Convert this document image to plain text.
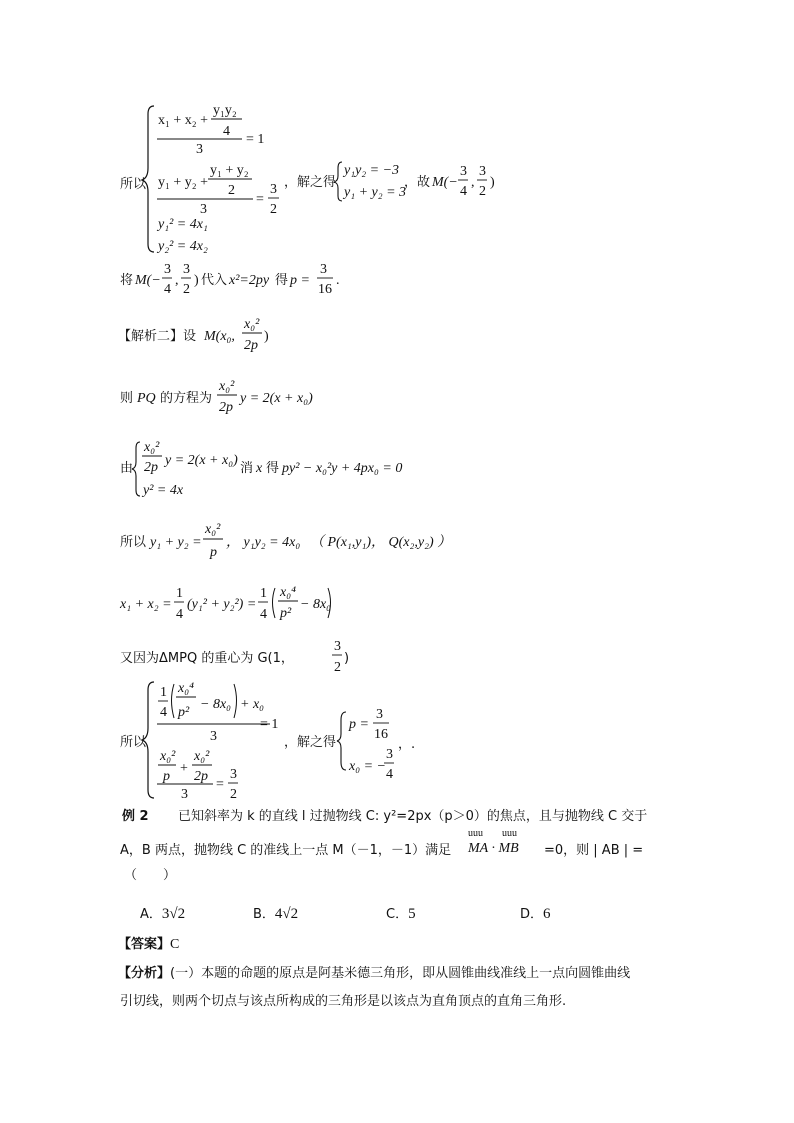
所以
x₁ + x₂ +
y₁y₂
4
3
= 1
y₁ + y₂ +
y₁ + y₂
2
3
=
3
2
y₁² = 4x₁
y₂² = 4x₂
，解之得
y₁y₂ = −3
y₁ + y₂ = 3
，故 M(−
3
4
,
3
2
)
将 M(−
3
4
,
3
2
) 代入 x²=2py 得 p =
3
16
.
【解析二】设 M(x₀,
x₀²
2p
)
则 PQ 的方程为
x₀²
2p
y = 2(x + x₀)
由
x₀²
2p y = 2(x + x₀)
y² = 4x
消 x 得 py² − x₀²y + 4px₀ = 0
所以 y₁ + y₂ =
x₀²
p
， y₁y₂ = 4x₀ （ P(x₁,y₁)， Q(x₂,y₂) ）
x₁ + x₂ =
1
4
(y₁² + y₂²) =
1
4
x₀⁴
p²
− 8x₀
又因为ΔMPQ 的重心为 G(1，
3
2
)
所以
1
4
x₀⁴
p²
− 8x₀ + x₀
3
= 1
x₀²
p
+
x₀²
2p
3
=
3
2
，解之得
p =
3
16
x₀ = −
3
4
，.
例 2 已知斜率为 k 的直线 l 过抛物线 C: y²=2px（p＞0）的焦点，且与抛物线 C 交于
A，B 两点，抛物线 C 的准线上一点 M（－1，－1）满足
uuu uuu
MA · MB =0，则 | AB | =
（　　）
A．3√2	B．4√2	C．5	D．6
【答案】C
【分析】(一）本题的命题的原点是阿基米德三角形，即从圆锥曲线准线上一点向圆锥曲线
引切线，则两个切点与该点所构成的三角形是以该点为直角顶点的直角三角形.
